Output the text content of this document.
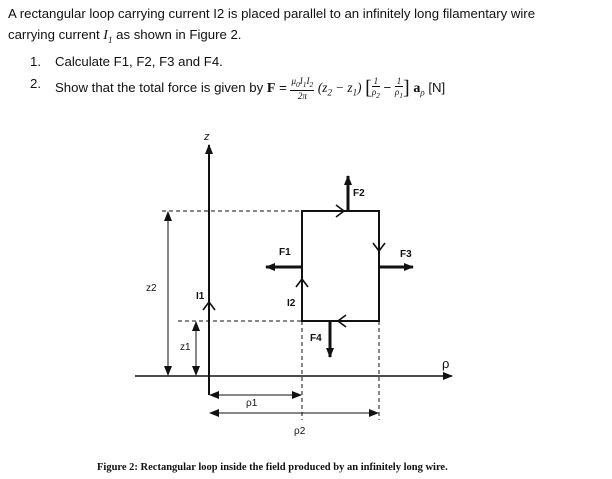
A rectangular loop carrying current I2 is placed parallel to an infinitely long filamentary wire
carrying current $I_1$ as shown in Figure 2.

1. Calculate F1, F2, F3 and F4.
2. Show that the total force is given by $F = \frac{\mu_0I_1I_2}{2\pi} (z_2 - z_1)$ [ $\frac{1}{\rho_2} - \frac{1}{\rho_1}$ ] $a_\rho$ [N]
z
ρ
z2
z1
ρ1
ρ2
I1
I2
F1
F2
F3
F4
Figure 2: Rectangular loop inside the field produced by an infinitely long wire.
